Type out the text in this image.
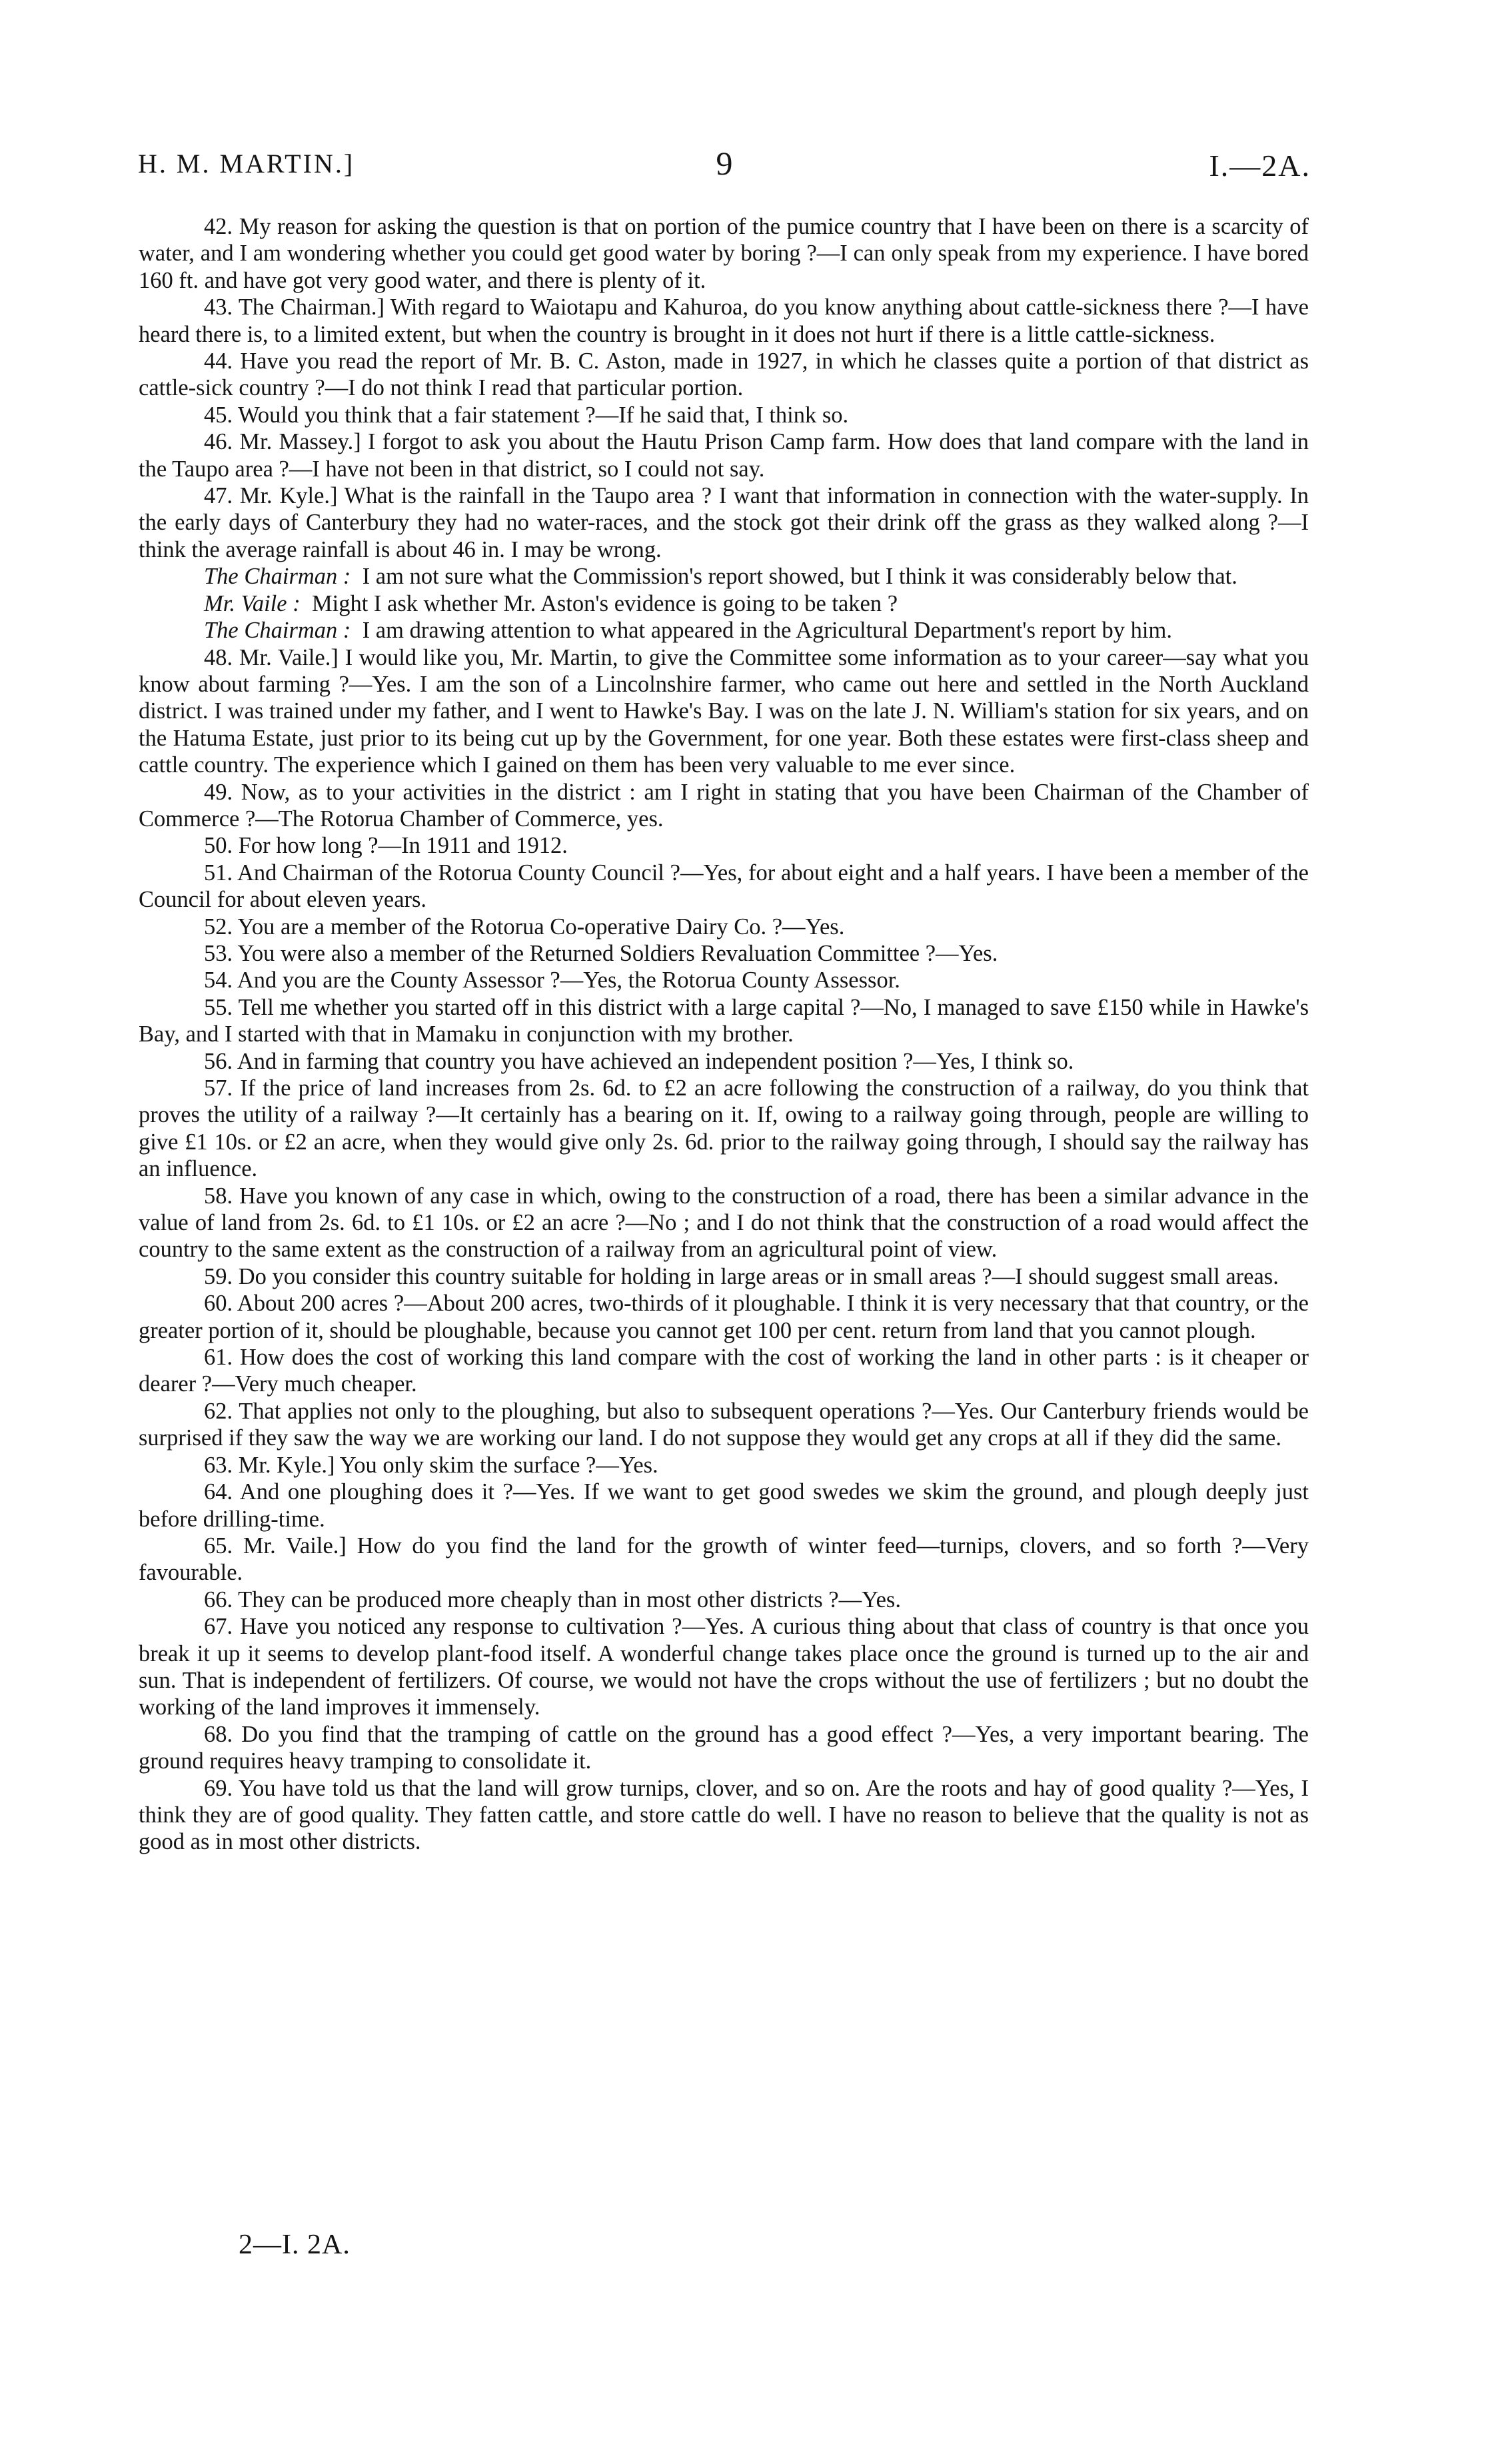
H. M. MARTIN.]	9	I.—2A.

42. My reason for asking the question is that on portion of the pumice country that I have been on there is a scarcity of water, and I am wondering whether you could get good water by boring ?—I can only speak from my experience. I have bored 160 ft. and have got very good water, and there is plenty of it.

43. The Chairman.] With regard to Waiotapu and Kahuroa, do you know anything about cattle-sickness there ?—I have heard there is, to a limited extent, but when the country is brought in it does not hurt if there is a little cattle-sickness.

44. Have you read the report of Mr. B. C. Aston, made in 1927, in which he classes quite a portion of that district as cattle-sick country ?—I do not think I read that particular portion.

45. Would you think that a fair statement ?—If he said that, I think so.

46. Mr. Massey.] I forgot to ask you about the Hautu Prison Camp farm. How does that land compare with the land in the Taupo area ?—I have not been in that district, so I could not say.

47. Mr. Kyle.] What is the rainfall in the Taupo area ? I want that information in connection with the water-supply. In the early days of Canterbury they had no water-races, and the stock got their drink off the grass as they walked along ?—I think the average rainfall is about 46 in. I may be wrong.

The Chairman : I am not sure what the Commission's report showed, but I think it was considerably below that.

Mr. Vaile : Might I ask whether Mr. Aston's evidence is going to be taken ?

The Chairman : I am drawing attention to what appeared in the Agricultural Department's report by him.

48. Mr. Vaile.] I would like you, Mr. Martin, to give the Committee some information as to your career—say what you know about farming ?—Yes. I am the son of a Lincolnshire farmer, who came out here and settled in the North Auckland district. I was trained under my father, and I went to Hawke's Bay. I was on the late J. N. William's station for six years, and on the Hatuma Estate, just prior to its being cut up by the Government, for one year. Both these estates were first-class sheep and cattle country. The experience which I gained on them has been very valuable to me ever since.

49. Now, as to your activities in the district : am I right in stating that you have been Chairman of the Chamber of Commerce ?—The Rotorua Chamber of Commerce, yes.

50. For how long ?—In 1911 and 1912.

51. And Chairman of the Rotorua County Council ?—Yes, for about eight and a half years. I have been a member of the Council for about eleven years.

52. You are a member of the Rotorua Co-operative Dairy Co. ?—Yes.

53. You were also a member of the Returned Soldiers Revaluation Committee ?—Yes.

54. And you are the County Assessor ?—Yes, the Rotorua County Assessor.

55. Tell me whether you started off in this district with a large capital ?—No, I managed to save £150 while in Hawke's Bay, and I started with that in Mamaku in conjunction with my brother.

56. And in farming that country you have achieved an independent position ?—Yes, I think so.

57. If the price of land increases from 2s. 6d. to £2 an acre following the construction of a railway, do you think that proves the utility of a railway ?—It certainly has a bearing on it. If, owing to a railway going through, people are willing to give £1 10s. or £2 an acre, when they would give only 2s. 6d. prior to the railway going through, I should say the railway has an influence.

58. Have you known of any case in which, owing to the construction of a road, there has been a similar advance in the value of land from 2s. 6d. to £1 10s. or £2 an acre ?—No ; and I do not think that the construction of a road would affect the country to the same extent as the construction of a railway from an agricultural point of view.

59. Do you consider this country suitable for holding in large areas or in small areas ?—I should suggest small areas.

60. About 200 acres ?—About 200 acres, two-thirds of it ploughable. I think it is very necessary that that country, or the greater portion of it, should be ploughable, because you cannot get 100 per cent. return from land that you cannot plough.

61. How does the cost of working this land compare with the cost of working the land in other parts : is it cheaper or dearer ?—Very much cheaper.

62. That applies not only to the ploughing, but also to subsequent operations ?—Yes. Our Canterbury friends would be surprised if they saw the way we are working our land. I do not suppose they would get any crops at all if they did the same.

63. Mr. Kyle.] You only skim the surface ?—Yes.

64. And one ploughing does it ?—Yes. If we want to get good swedes we skim the ground, and plough deeply just before drilling-time.

65. Mr. Vaile.] How do you find the land for the growth of winter feed—turnips, clovers, and so forth ?—Very favourable.

66. They can be produced more cheaply than in most other districts ?—Yes.

67. Have you noticed any response to cultivation ?—Yes. A curious thing about that class of country is that once you break it up it seems to develop plant-food itself. A wonderful change takes place once the ground is turned up to the air and sun. That is independent of fertilizers. Of course, we would not have the crops without the use of fertilizers ; but no doubt the working of the land improves it immensely.

68. Do you find that the tramping of cattle on the ground has a good effect ?—Yes, a very important bearing. The ground requires heavy tramping to consolidate it.

69. You have told us that the land will grow turnips, clover, and so on. Are the roots and hay of good quality ?—Yes, I think they are of good quality. They fatten cattle, and store cattle do well. I have no reason to believe that the quality is not as good as in most other districts.

2—I. 2A.
